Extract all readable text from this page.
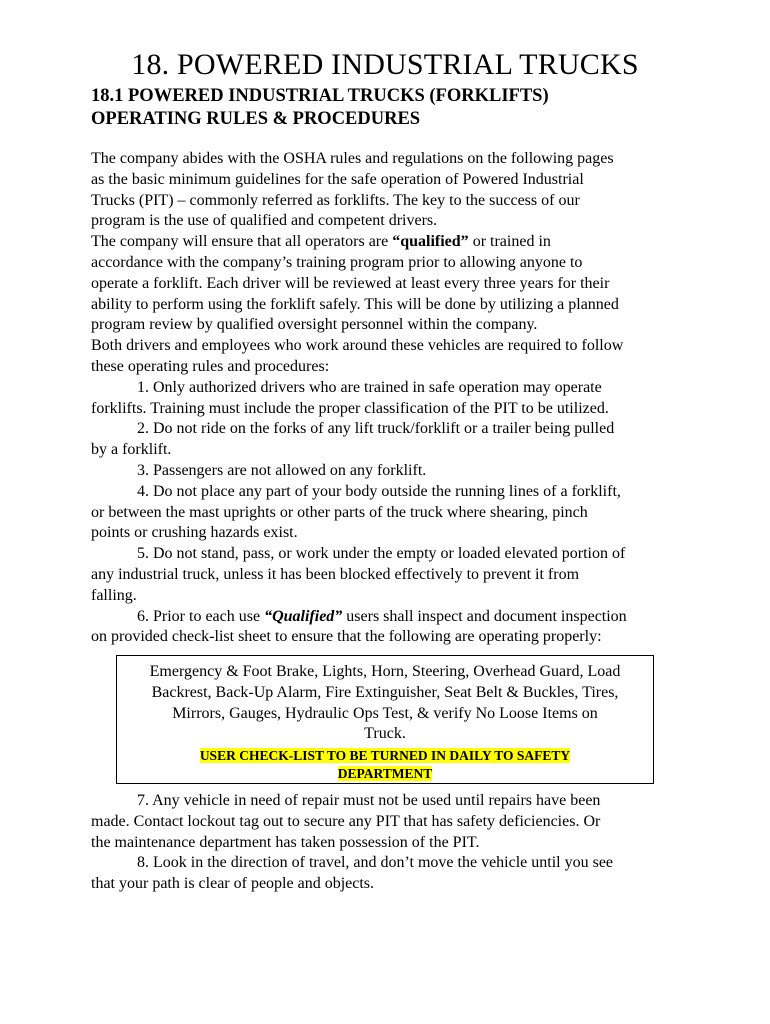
18. POWERED INDUSTRIAL TRUCKS
18.1 POWERED INDUSTRIAL TRUCKS (FORKLIFTS)
OPERATING RULES & PROCEDURES

The company abides with the OSHA rules and regulations on the following pages

as the basic minimum guidelines for the safe operation of Powered Industrial

Trucks (PIT) – commonly referred as forklifts. The key to the success of our

program is the use of qualified and competent drivers.

The company will ensure that all operators are “qualified” or trained in

accordance with the company’s training program prior to allowing anyone to

operate a forklift. Each driver will be reviewed at least every three years for their

ability to perform using the forklift safely. This will be done by utilizing a planned

program review by qualified oversight personnel within the company.

Both drivers and employees who work around these vehicles are required to follow

these operating rules and procedures:

1. Only authorized drivers who are trained in safe operation may operate

forklifts. Training must include the proper classification of the PIT to be utilized.

2. Do not ride on the forks of any lift truck/forklift or a trailer being pulled

by a forklift.

3. Passengers are not allowed on any forklift.

4. Do not place any part of your body outside the running lines of a forklift,

or between the mast uprights or other parts of the truck where shearing, pinch

points or crushing hazards exist.

5. Do not stand, pass, or work under the empty or loaded elevated portion of

any industrial truck, unless it has been blocked effectively to prevent it from

falling.

6. Prior to each use “Qualified” users shall inspect and document inspection

on provided check-list sheet to ensure that the following are operating properly:

Emergency & Foot Brake, Lights, Horn, Steering, Overhead Guard, Load
Backrest, Back-Up Alarm, Fire Extinguisher, Seat Belt & Buckles, Tires,
Mirrors, Gauges, Hydraulic Ops Test, & verify No Loose Items on
Truck.
USER CHECK-LIST TO BE TURNED IN DAILY TO SAFETY
DEPARTMENT

7. Any vehicle in need of repair must not be used until repairs have been

made. Contact lockout tag out to secure any PIT that has safety deficiencies. Or

the maintenance department has taken possession of the PIT.

8. Look in the direction of travel, and don’t move the vehicle until you see

that your path is clear of people and objects.
